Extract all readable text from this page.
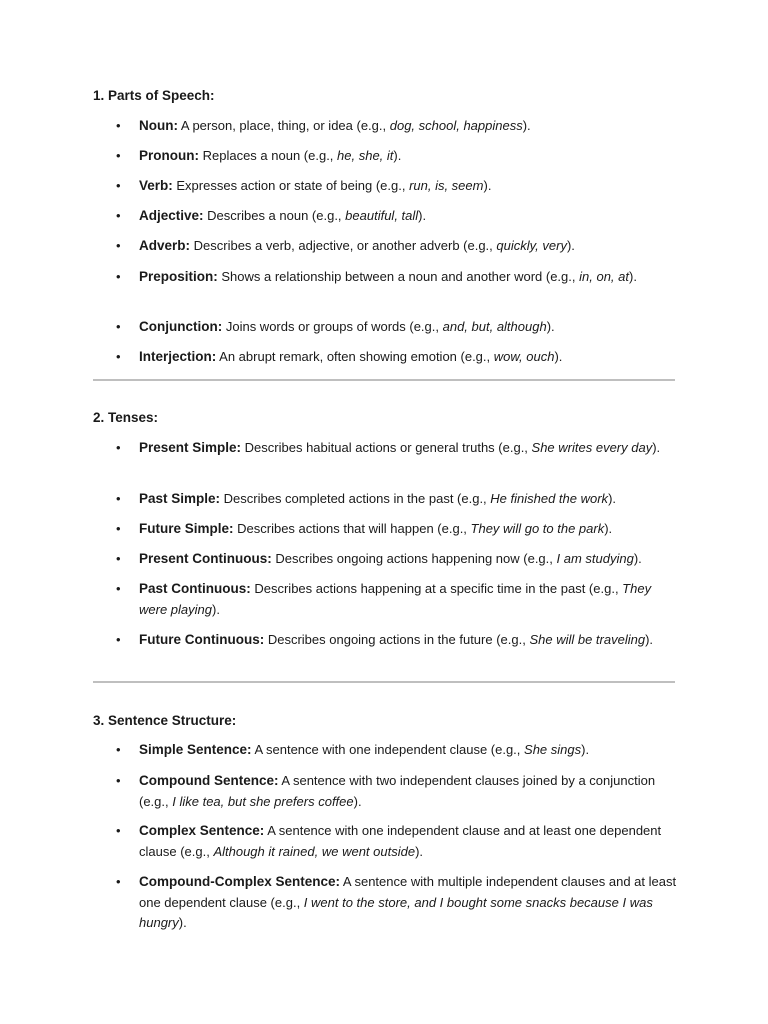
1. Parts of Speech:
• Noun: A person, place, thing, or idea (e.g., dog, school, happiness).
• Pronoun: Replaces a noun (e.g., he, she, it).
• Verb: Expresses action or state of being (e.g., run, is, seem).
• Adjective: Describes a noun (e.g., beautiful, tall).
• Adverb: Describes a verb, adjective, or another adverb (e.g., quickly, very).
• Preposition: Shows a relationship between a noun and another word (e.g., in, on, at).
• Conjunction: Joins words or groups of words (e.g., and, but, although).
• Interjection: An abrupt remark, often showing emotion (e.g., wow, ouch).
2. Tenses:
• Present Simple: Describes habitual actions or general truths (e.g., She writes every day).
• Past Simple: Describes completed actions in the past (e.g., He finished the work).
• Future Simple: Describes actions that will happen (e.g., They will go to the park).
• Present Continuous: Describes ongoing actions happening now (e.g., I am studying).
• Past Continuous: Describes actions happening at a specific time in the past (e.g., They were playing).
• Future Continuous: Describes ongoing actions in the future (e.g., She will be traveling).
3. Sentence Structure:
• Simple Sentence: A sentence with one independent clause (e.g., She sings).
• Compound Sentence: A sentence with two independent clauses joined by a conjunction (e.g., I like tea, but she prefers coffee).
• Complex Sentence: A sentence with one independent clause and at least one dependent clause (e.g., Although it rained, we went outside).
• Compound-Complex Sentence: A sentence with multiple independent clauses and at least one dependent clause (e.g., I went to the store, and I bought some snacks because I was hungry).
